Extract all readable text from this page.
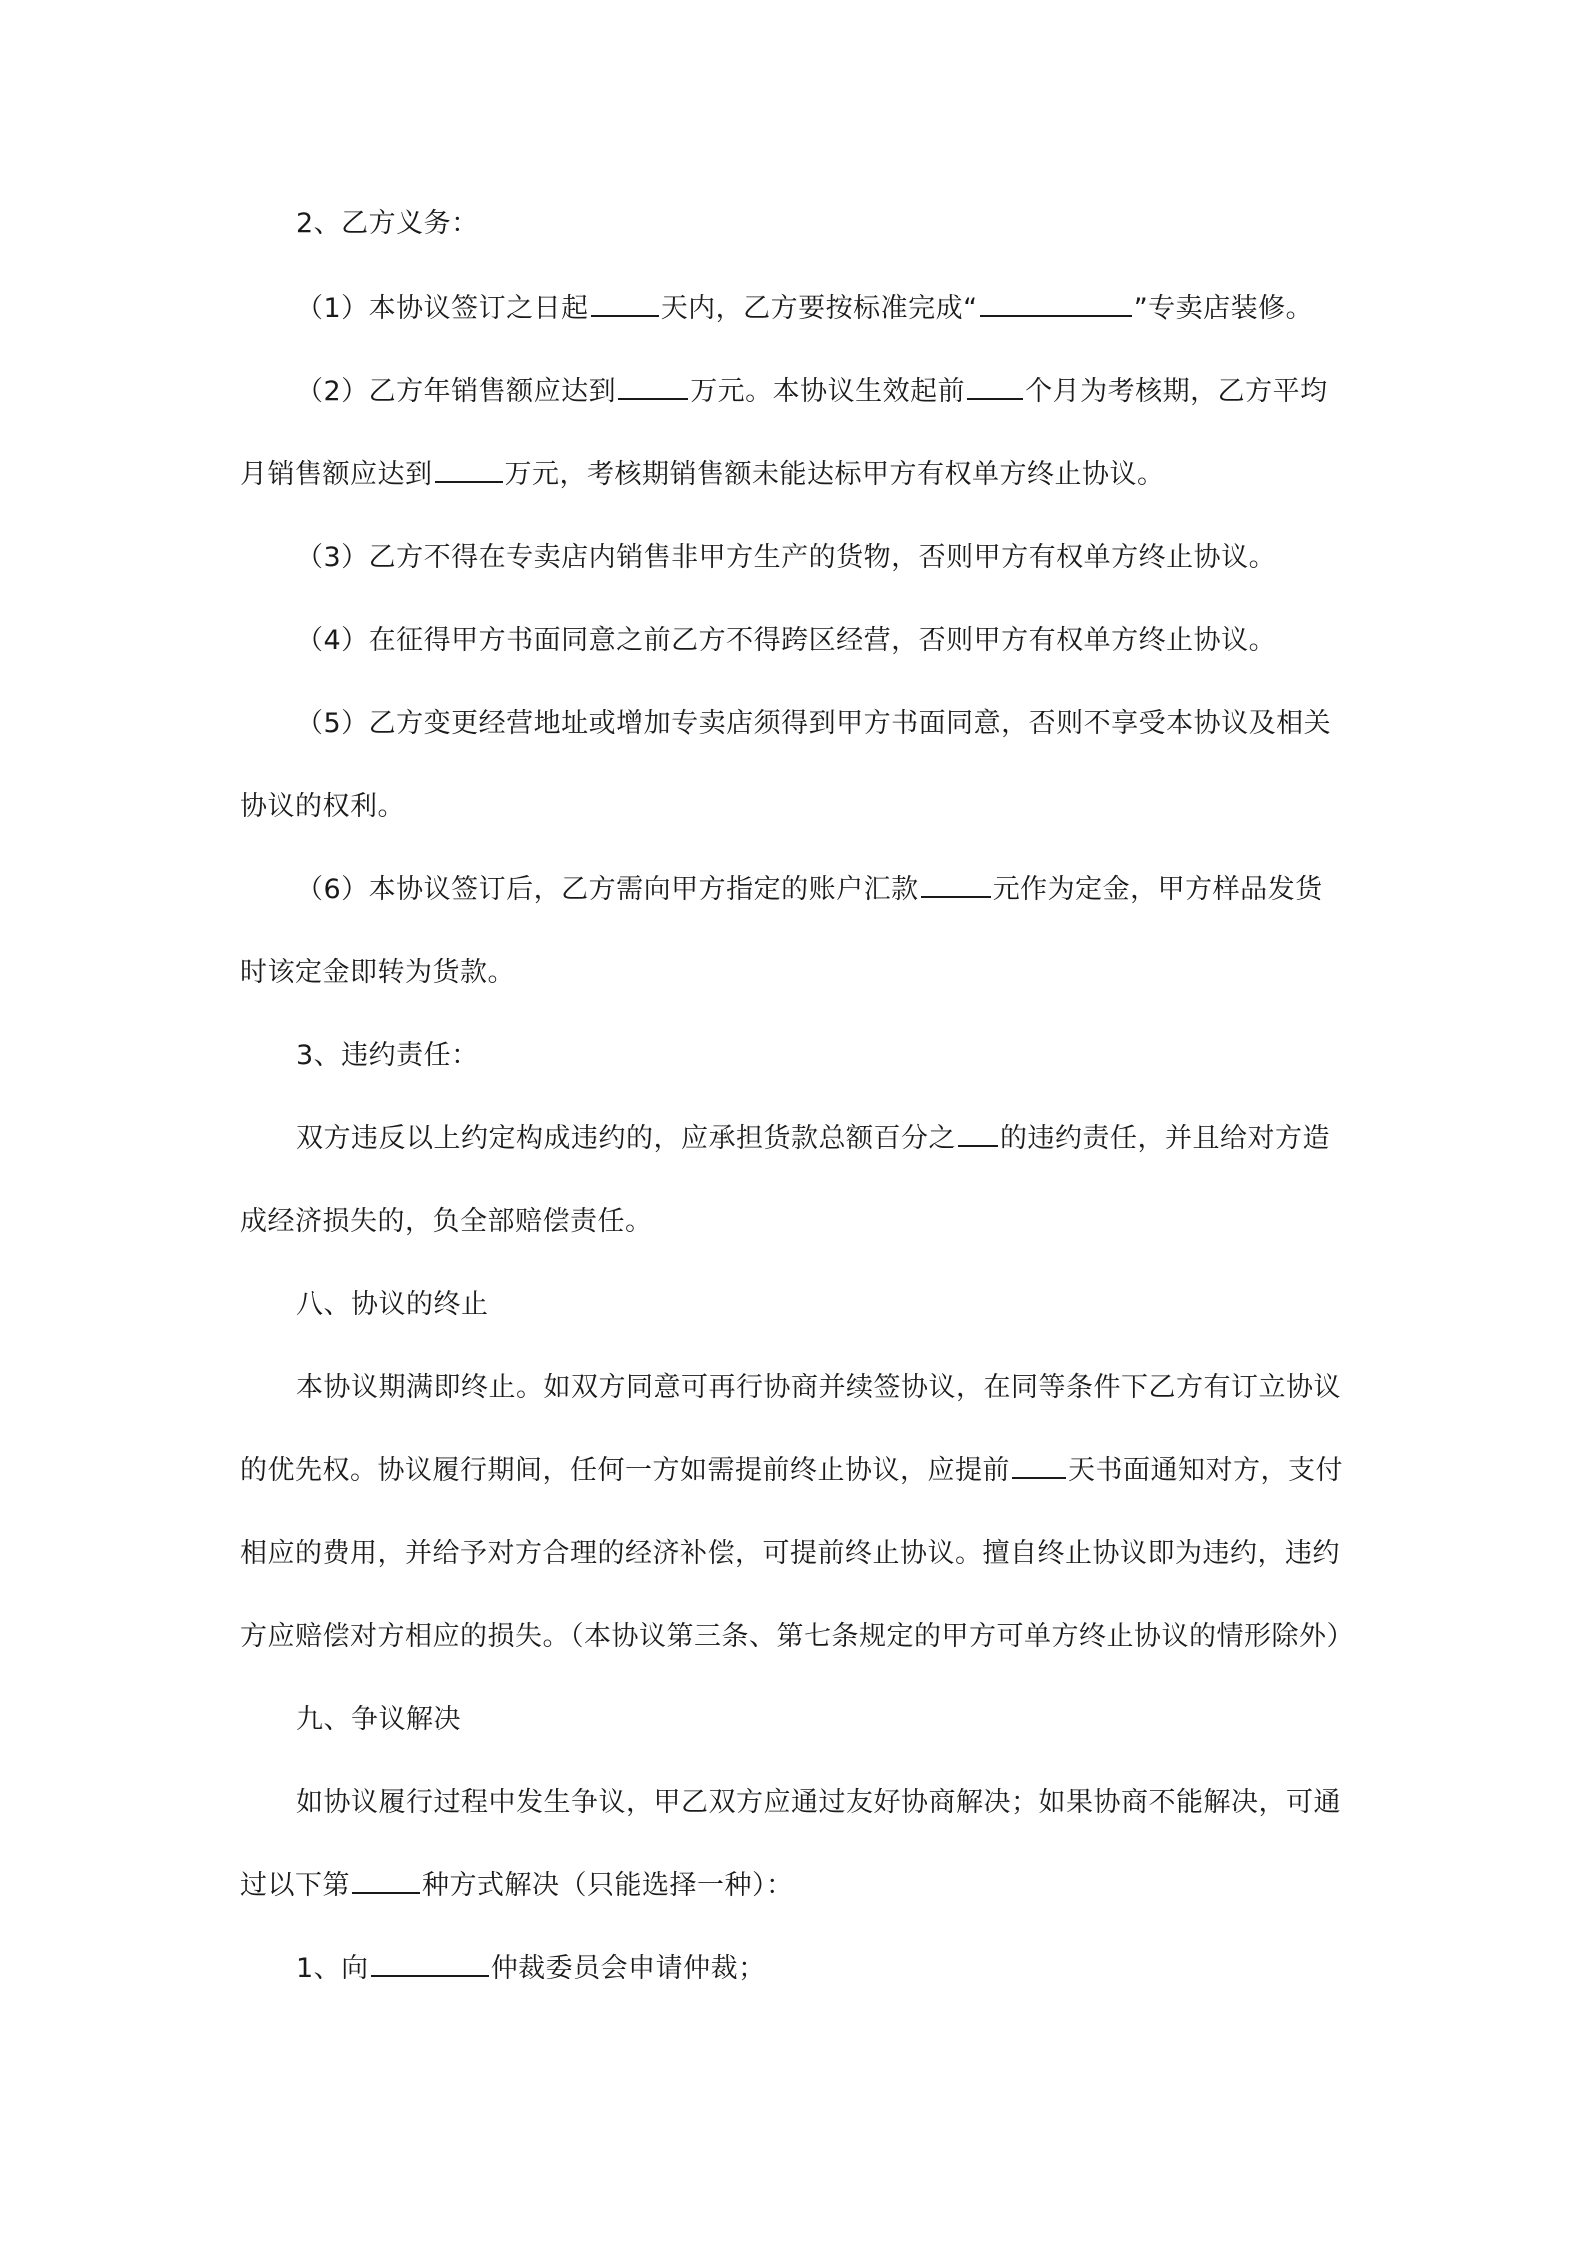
2、乙方义务：
（1）本协议签订之日起	天内，乙方要按标准完成“	”专卖店装修。
（2）乙方年销售额应达到	万元。本协议生效起前 个月为考核期，乙方平均
月销售额应达到	万元，考核期销售额未能达标甲方有权单方终止协议。
（3）乙方不得在专卖店内销售非甲方生产的货物，否则甲方有权单方终止协议。
（4）在征得甲方书面同意之前乙方不得跨区经营，否则甲方有权单方终止协议。
（5）乙方变更经营地址或增加专卖店须得到甲方书面同意，否则不享受本协议及相关
协议的权利。
（6）本协议签订后，乙方需向甲方指定的账户汇款	元作为定金，甲方样品发货
时该定金即转为货款。
3、违约责任：
双方违反以上约定构成违约的，应承担货款总额百分之 的违约责任，并且给对方造
成经济损失的，负全部赔偿责任。
八、协议的终止
本协议期满即终止。如双方同意可再行协商并续签协议，在同等条件下乙方有订立协议
的优先权。协议履行期间，任何一方如需提前终止协议，应提前 天书面通知对方，支付
相应的费用，并给予对方合理的经济补偿，可提前终止协议。擅自终止协议即为违约，违约
方应赔偿对方相应的损失。（本协议第三条、第七条规定的甲方可单方终止协议的情形除外）
九、争议解决
如协议履行过程中发生争议，甲乙双方应通过友好协商解决；如果协商不能解决，可通
过以下第	种方式解决（只能选择一种）：
1、向	仲裁委员会申请仲裁；
